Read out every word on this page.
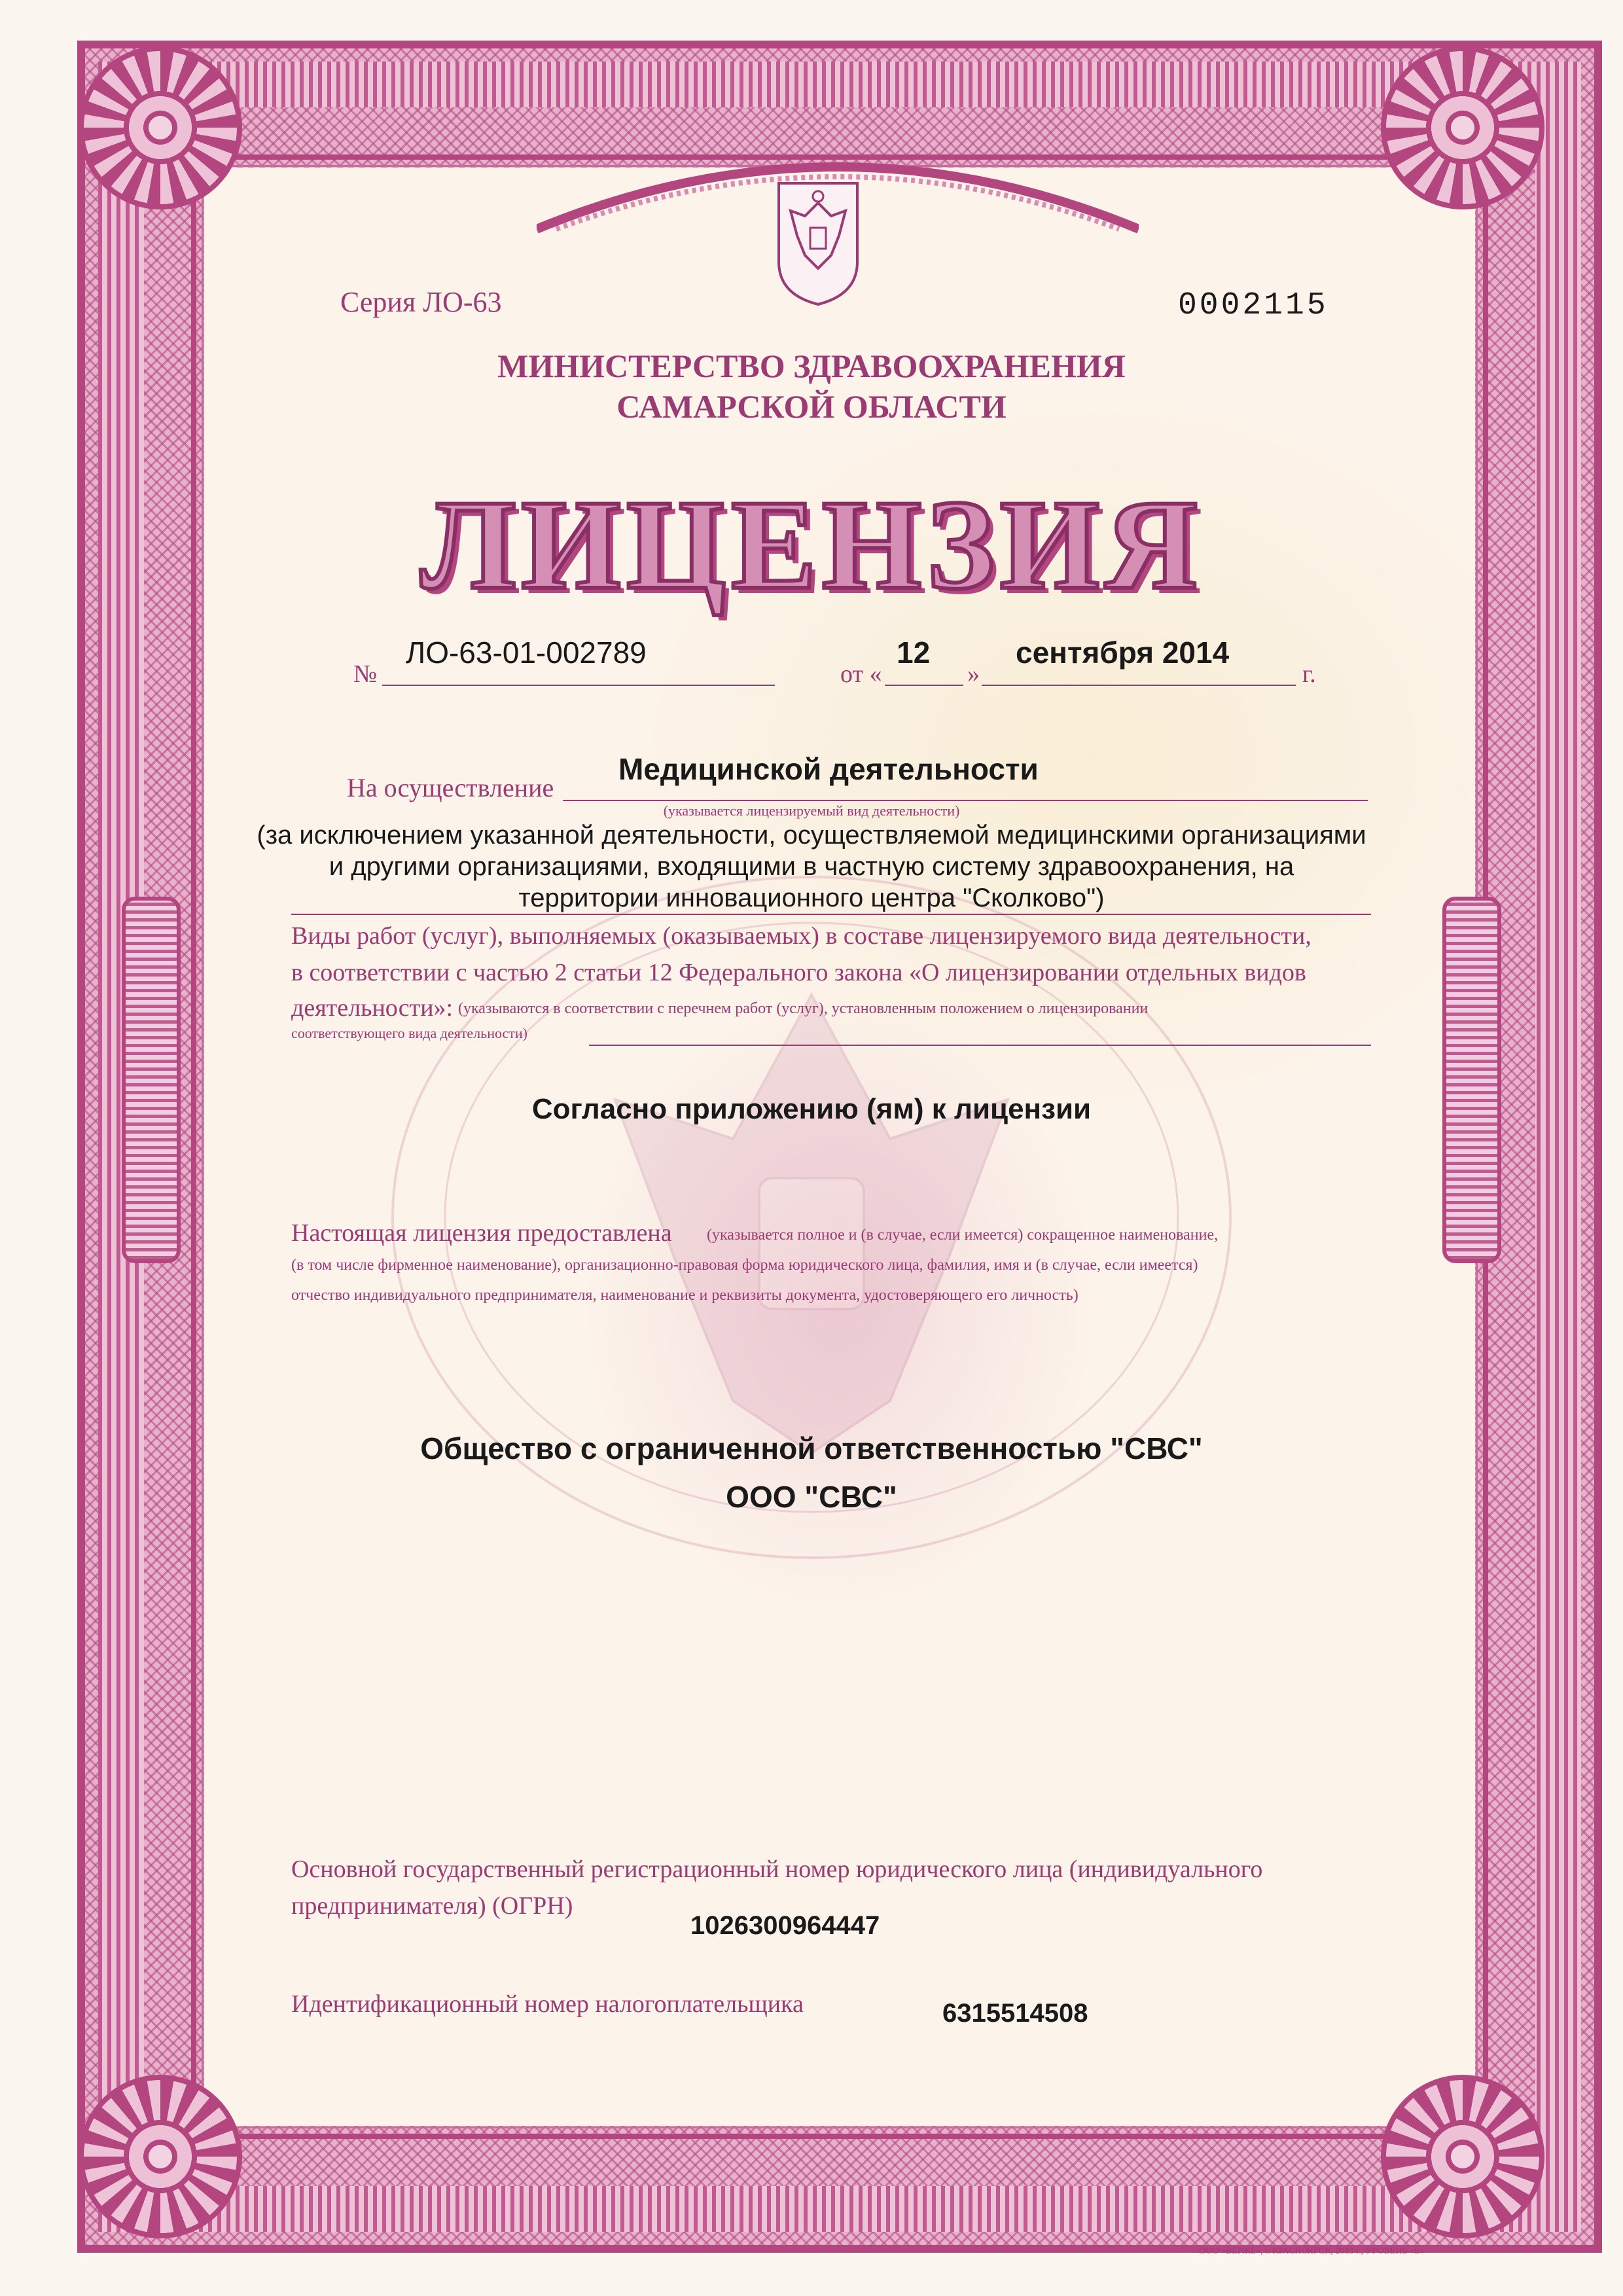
Серия ЛО-63	0002115
МИНИСТЕРСТВО ЗДРАВООХРАНЕНИЯ
САМАРСКОЙ ОБЛАСТИ
ЛИЦЕНЗИЯ
№
ЛО-63-01-002789
от «
12
»
сентября 2014
г.
На осуществление
Медицинской деятельности
(указывается лицензируемый вид деятельности)
(за исключением указанной деятельности, осуществляемой медицинскими организациями
и другими организациями, входящими в частную систему здравоохранения, на
территории инновационного центра "Сколково")
Виды работ (услуг), выполняемых (оказываемых) в составе лицензируемого вида деятельности,
в соответствии с частью 2 статьи 12 Федерального закона «О лицензировании отдельных видов
деятельности»: (указываются в соответствии с перечнем работ (услуг), установленным положением о лицензировании
соответствующего вида деятельности)
Согласно приложению (ям) к лицензии
Настоящая лицензия предоставлена (указывается полное и (в случае, если имеется) сокращенное наименование,
(в том числе фирменное наименование), организационно-правовая форма юридического лица, фамилия, имя и (в случае, если имеется)
отчество индивидуального предпринимателя, наименование и реквизиты документа, удостоверяющего его личность)
Общество с ограниченной ответственностью "СВС"
ООО "СВС"
Основной государственный регистрационный номер юридического лица (индивидуального
предпринимателя) (ОГРН)
1026300964447
Идентификационный номер налогоплательщика	6315514508
ООО «ВЕРЖЕ», г. КРАСНОЯРСК, 2013 г., УРОВЕНЬ «Б»
